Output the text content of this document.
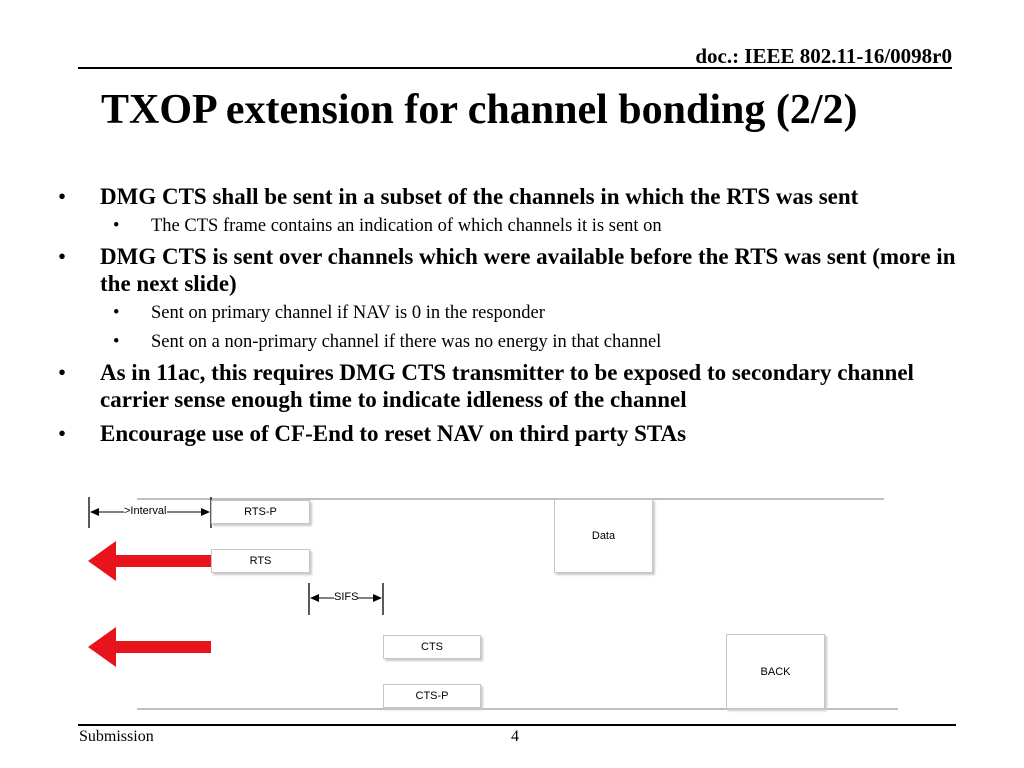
doc.: IEEE 802.11-16/0098r0
TXOP extension for channel bonding (2/2)
• DMG CTS shall be sent in a subset of the channels in which the RTS was sent
• The CTS frame contains an indication of which channels it is sent on
• DMG CTS is sent over channels which were available before the RTS was sent (more in the next slide)
• Sent on primary channel if NAV is 0 in the responder
• Sent on a non-primary channel if there was no energy in that channel
• As in 11ac, this requires DMG CTS transmitter to be exposed to secondary channel carrier sense enough time to indicate idleness of the channel
• Encourage use of CF-End to reset NAV on third party STAs
>Interval
SIFS
RTS-P
RTS
Data
CTS
CTS-P
BACK
Submission	4
